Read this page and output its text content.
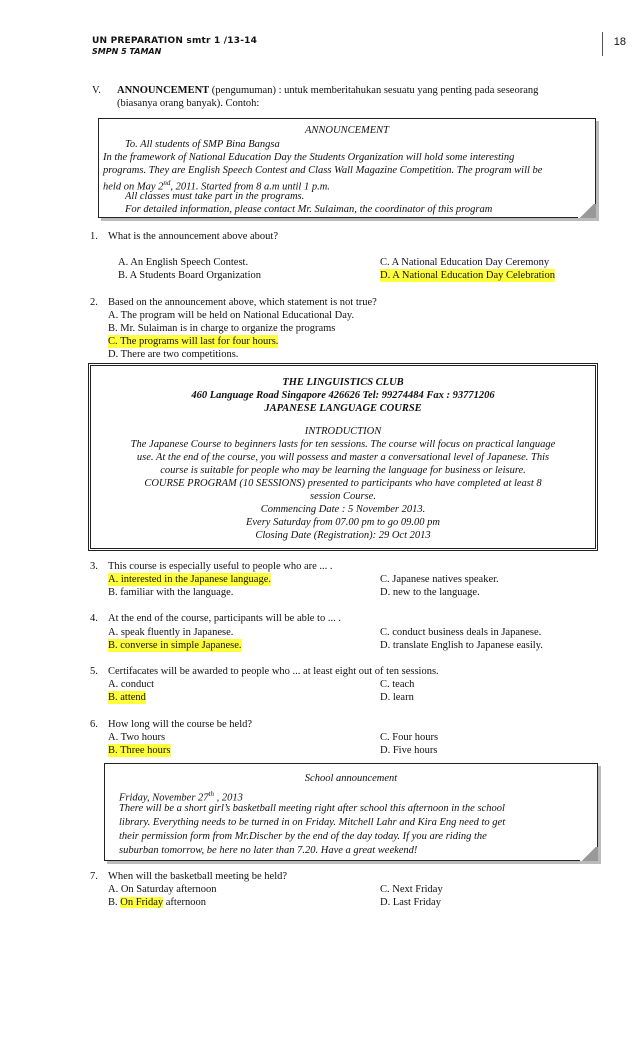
UN PREPARATION smtr 1 /13-14
SMPN 5 TAMAN
18
V. ANNOUNCEMENT (pengumuman) : untuk memberitahukan sesuatu yang penting pada seseorang
(biasanya orang banyak). Contoh:
ANNOUNCEMENT
To. All students of SMP Bina Bangsa
In the framework of National Education Day the Students Organization will hold some interesting
programs. They are English Speech Contest and Class Wall Magazine Competition. The program will be
held on May 2nd, 2011. Started from 8 a.m until 1 p.m.
All classes must take part in the programs.
For detailed information, please contact Mr. Sulaiman, the coordinator of this program
1. What is the announcement above about?
A. An English Speech Contest.
B. A Students Board Organization
C. A National Education Day Ceremony
D. A National Education Day Celebration
2. Based on the announcement above, which statement is not true?
A. The program will be held on National Educational Day.
B. Mr. Sulaiman is in charge to organize the programs
C. The programs will last for four hours.
D. There are two competitions.
THE LINGUISTICS CLUB
460 Language Road Singapore 426626 Tel: 99274484 Fax : 93771206
JAPANESE LANGUAGE COURSE
INTRODUCTION
The Japanese Course to beginners lasts for ten sessions. The course will focus on practical language
use. At the end of the course, you will possess and master a conversational level of Japanese. This
course is suitable for people who may be learning the language for business or leisure.
COURSE PROGRAM (10 SESSIONS) presented to participants who have completed at least 8
session Course.
Commencing Date : 5 November 2013.
Every Saturday from 07.00 pm to go 09.00 pm
Closing Date (Registration): 29 Oct 2013
3. This course is especially useful to people who are ... .
A. interested in the Japanese language.
B. familiar with the language.
C. Japanese natives speaker.
D. new to the language.
4. At the end of the course, participants will be able to ... .
A. speak fluently in Japanese.
B. converse in simple Japanese.
C. conduct business deals in Japanese.
D. translate English to Japanese easily.
5. Certifacates will be awarded to people who ... at least eight out of ten sessions.
A. conduct
B. attend
C. teach
D. learn
6. How long will the course be held?
A. Two hours
B. Three hours
C. Four hours
D. Five hours
School announcement
Friday, November 27th , 2013
There will be a short girl’s basketball meeting right after school this afternoon in the school
library. Everything needs to be turned in on Friday. Mitchell Lahr and Kira Eng need to get
their permission form from Mr.Discher by the end of the day today. If you are riding the
suburban tomorrow, be here no later than 7.20. Have a great weekend!
7. When will the basketball meeting be held?
A. On Saturday afternoon
B. On Friday afternoon
C. Next Friday
D. Last Friday
